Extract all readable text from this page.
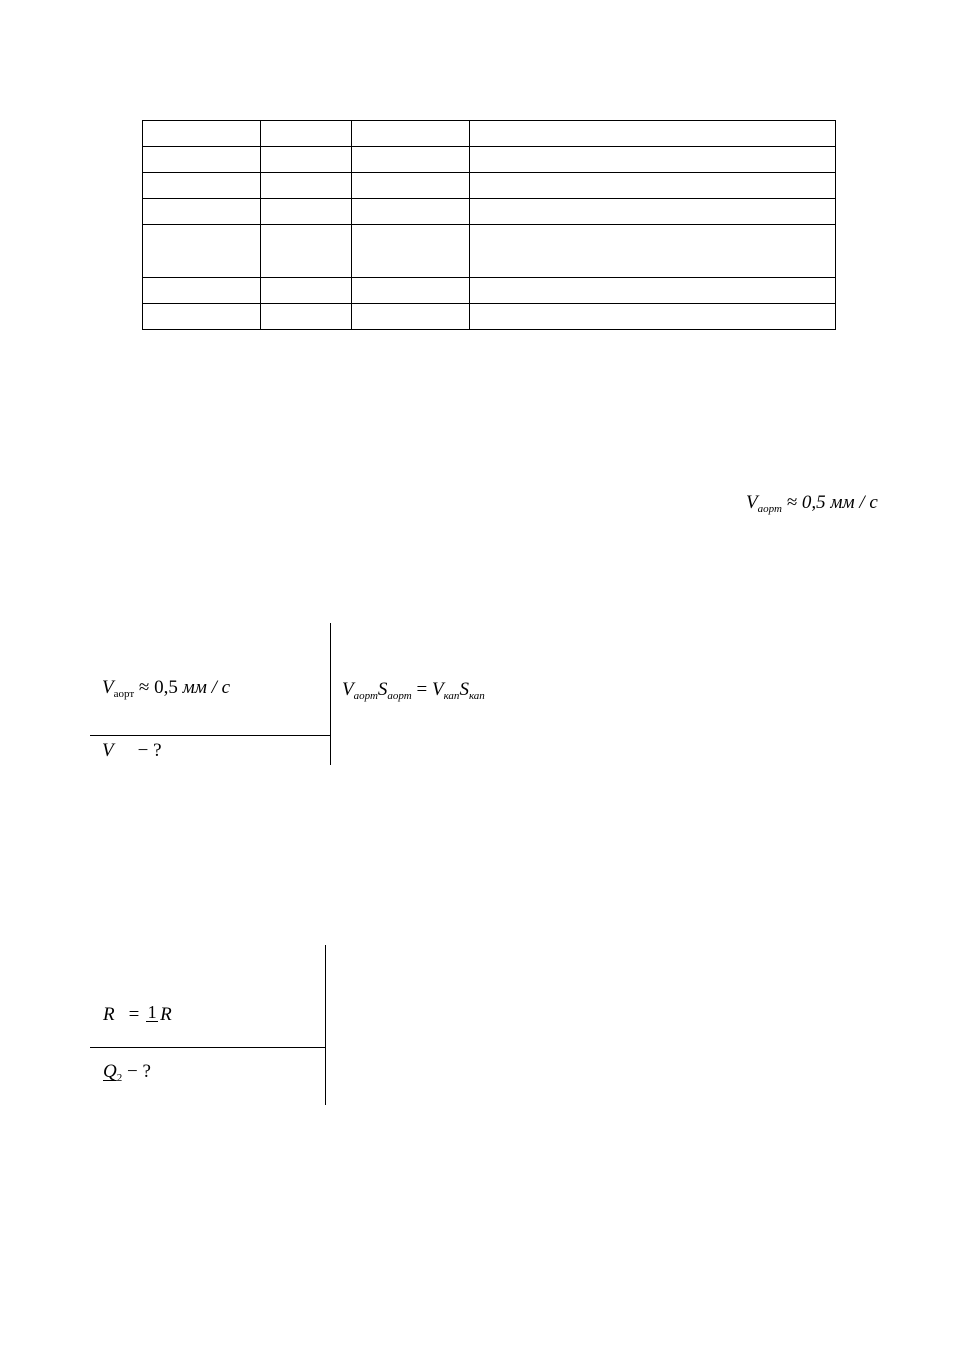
$V_{аорт} \approx 0,5$ мм / с
$V_{аорт} \approx 0,5$ мм / с
V − ?
$V_{аорт}S_{аорт} = V_{кап}S_{кап}$
R = 1 R
$Q_2$ − ?
